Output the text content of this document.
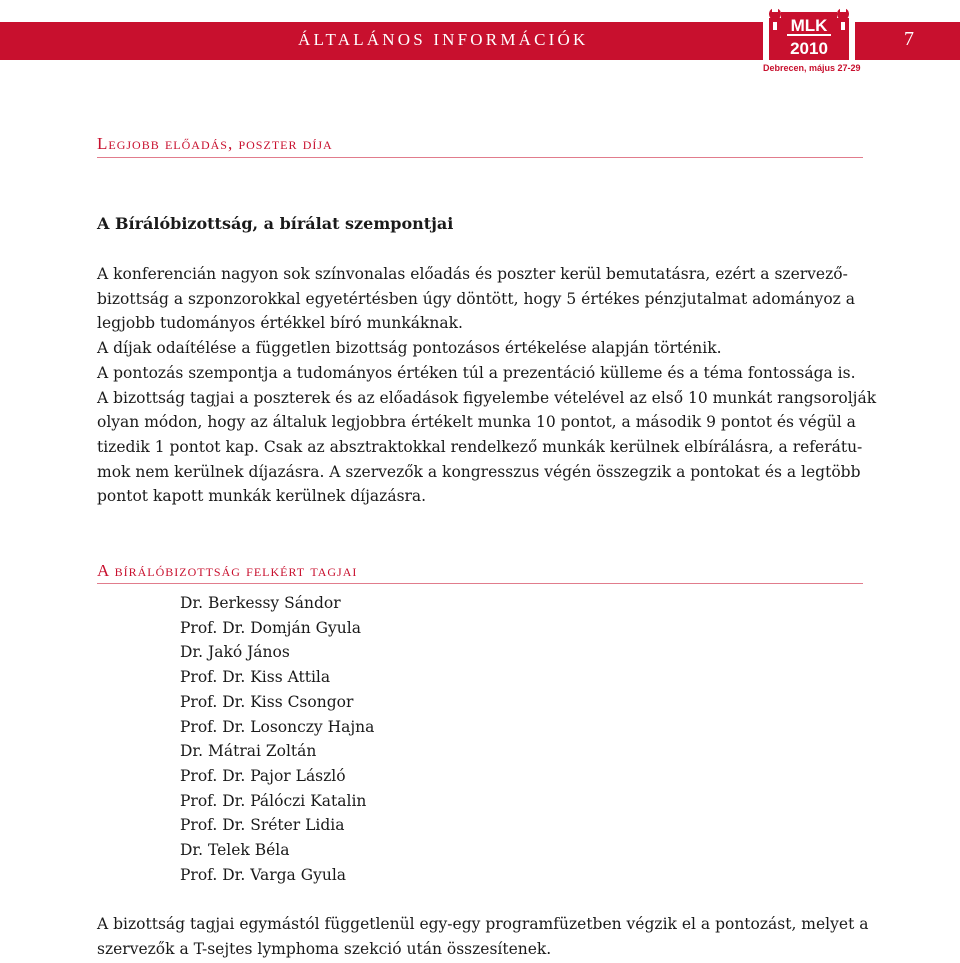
ÁLTALÁNOS INFORMÁCIÓK	7
MLK
2010
Debrecen, május 27-29
Legjobb előadás, poszter díja
A Bírálóbizottság, a bírálat szempontjai
A konferencián nagyon sok színvonalas előadás és poszter kerül bemutatásra, ezért a szervező-
bizottság a szponzorokkal egyetértésben úgy döntött, hogy 5 értékes pénzjutalmat adományoz a
legjobb tudományos értékkel bíró munkáknak.
A díjak odaítélése a független bizottság pontozásos értékelése alapján történik.
A pontozás szempontja a tudományos értéken túl a prezentáció külleme és a téma fontossága is.
A bizottság tagjai a poszterek és az előadások figyelembe vételével az első 10 munkát rangsorolják
olyan módon, hogy az általuk legjobbra értékelt munka 10 pontot, a második 9 pontot és végül a
tizedik 1 pontot kap. Csak az absztraktokkal rendelkező munkák kerülnek elbírálásra, a referátu-
mok nem kerülnek díjazásra. A szervezők a kongresszus végén összegzik a pontokat és a legtöbb
pontot kapott munkák kerülnek díjazásra.
A bírálóbizottság felkért tagjai
Dr. Berkessy Sándor
Prof. Dr. Domján Gyula
Dr. Jakó János
Prof. Dr. Kiss Attila
Prof. Dr. Kiss Csongor
Prof. Dr. Losonczy Hajna
Dr. Mátrai Zoltán
Prof. Dr. Pajor László
Prof. Dr. Pálóczi Katalin
Prof. Dr. Sréter Lidia
Dr. Telek Béla
Prof. Dr. Varga Gyula
A bizottság tagjai egymástól függetlenül egy-egy programfüzetben végzik el a pontozást, melyet a
szervezők a T-sejtes lymphoma szekció után összesítenek.
